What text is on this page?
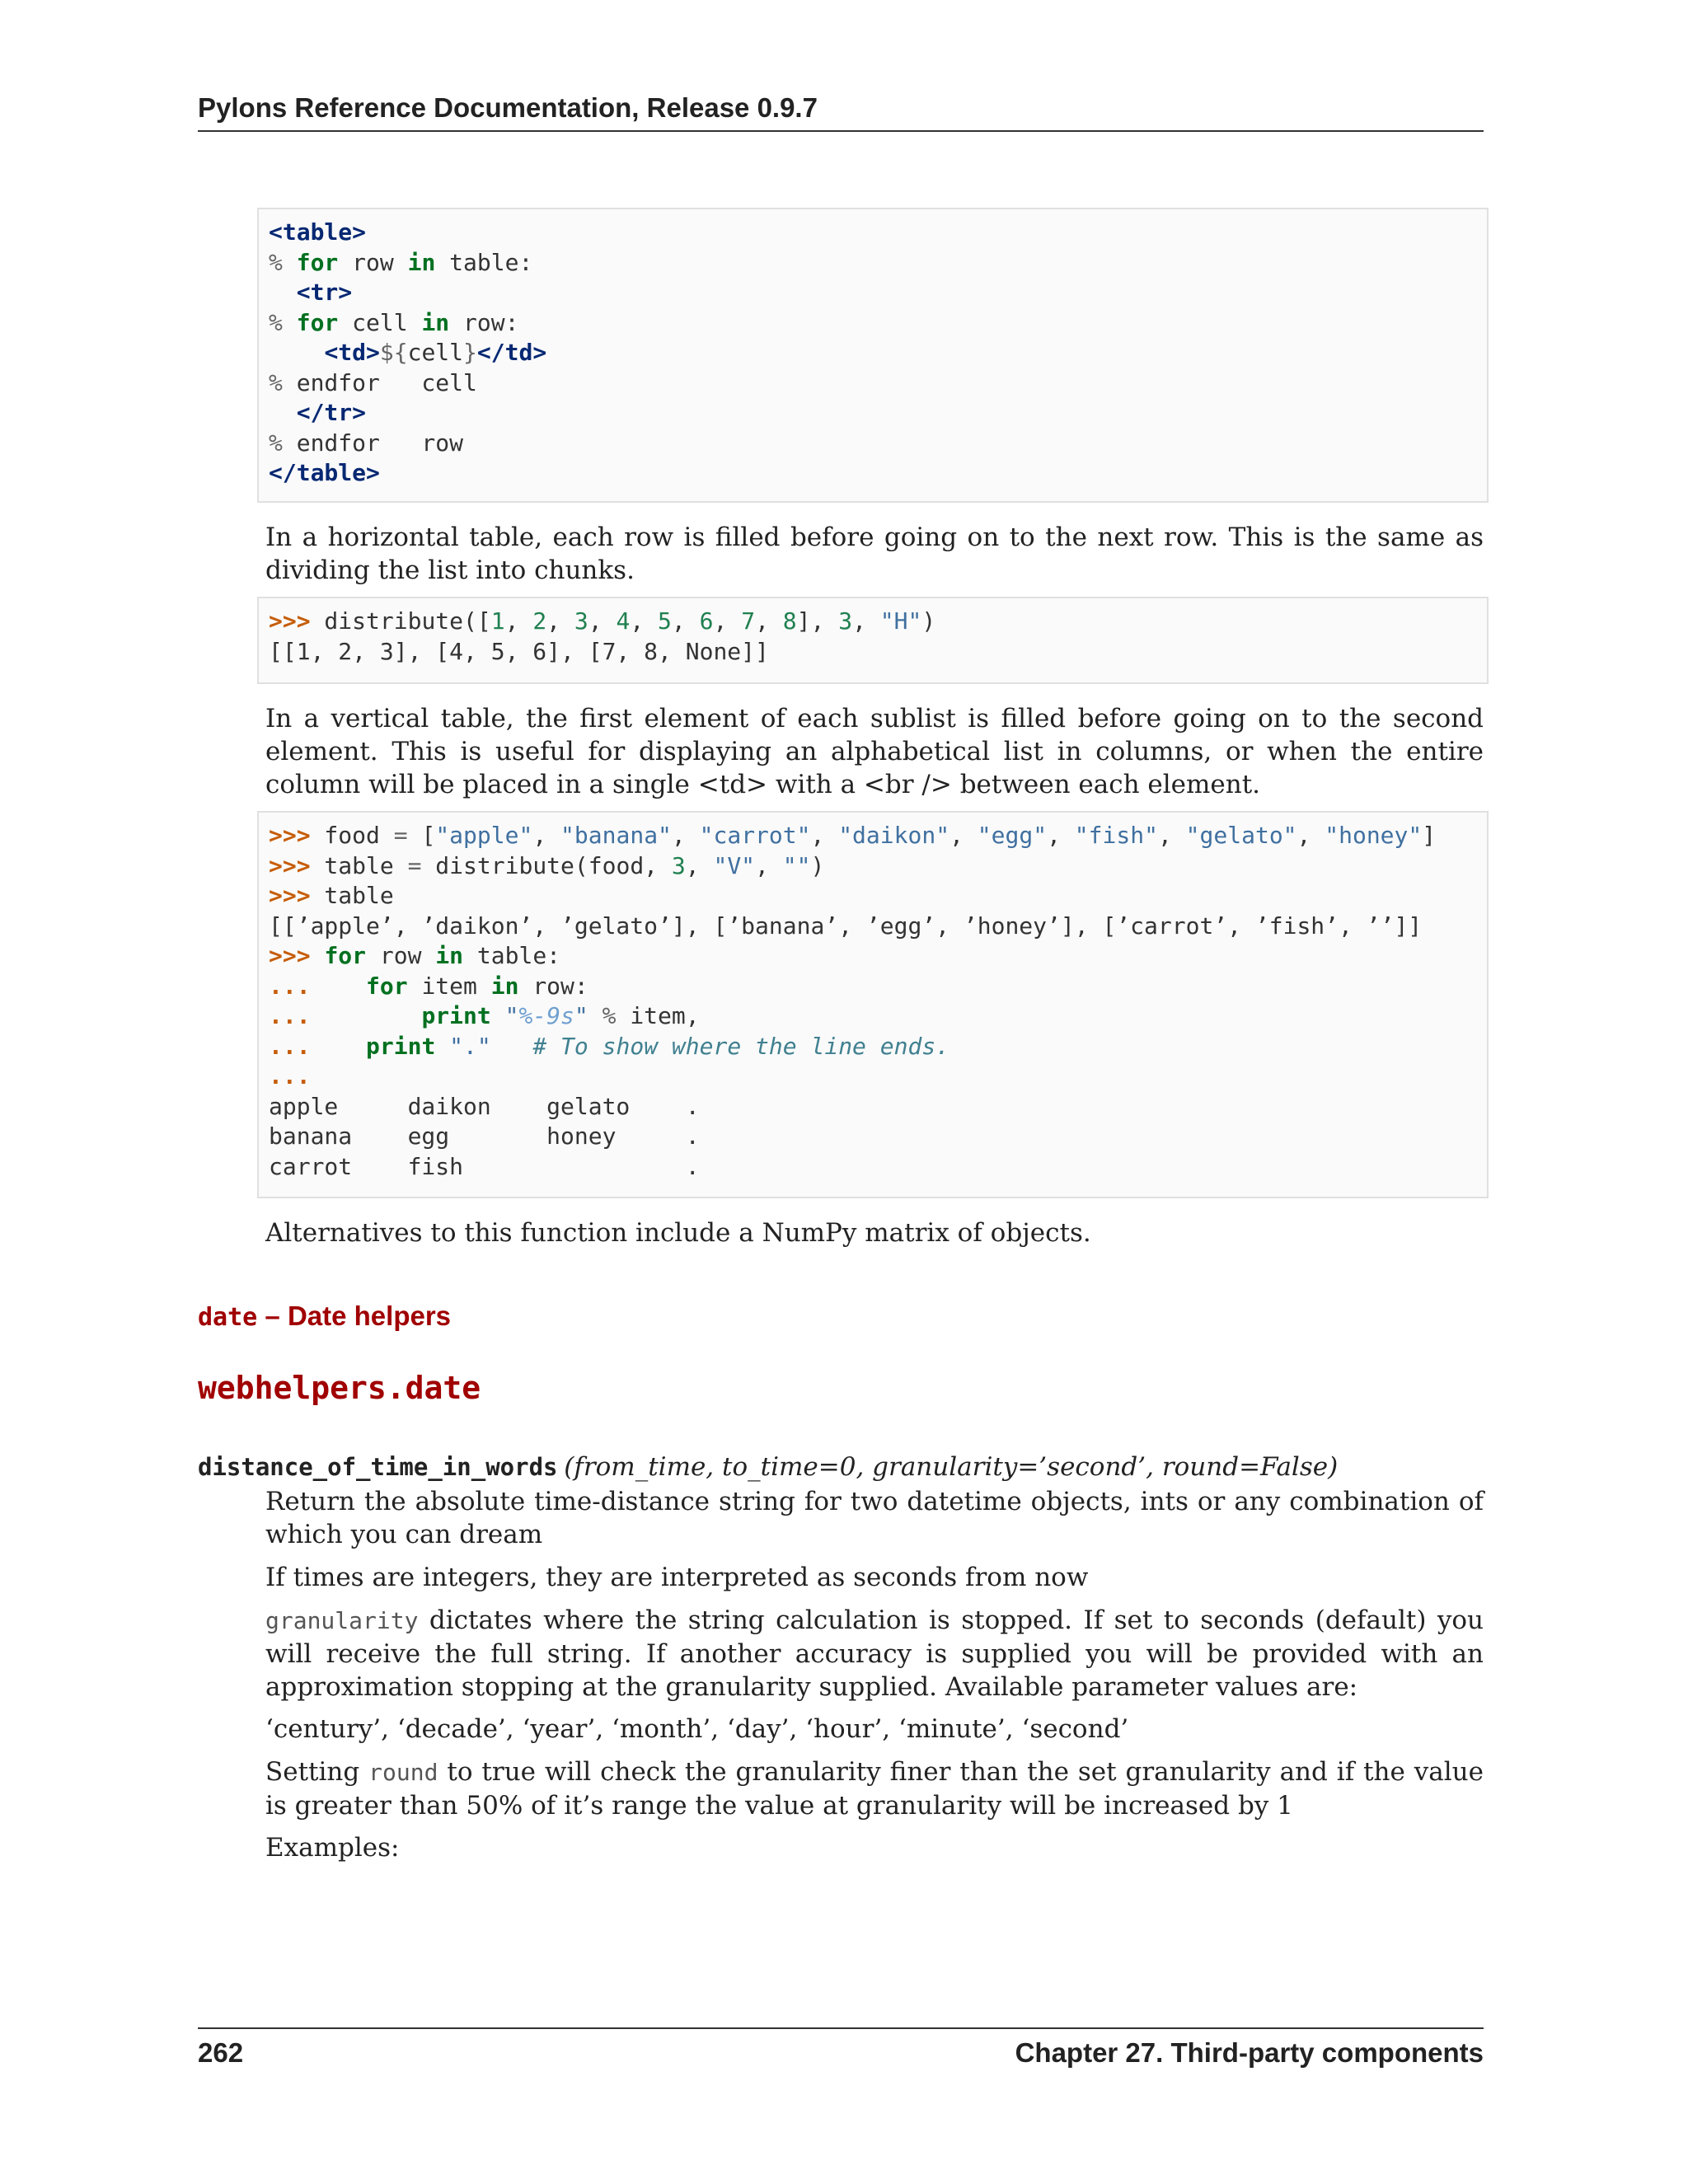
Pylons Reference Documentation, Release 0.9.7
<table>
% for row in table:
<tr>
% for cell in row:
<td>${cell}</td>
% endfor   cell
</tr>
% endfor   row
</table>
In a horizontal table, each row is filled before going on to the next row. This is the same as dividing the list into chunks.
>>> distribute([1, 2, 3, 4, 5, 6, 7, 8], 3, "H")
[[1, 2, 3], [4, 5, 6], [7, 8, None]]
In a vertical table, the first element of each sublist is filled before going on to the second element. This is useful for displaying an alphabetical list in columns, or when the entire column will be placed in a single <td> with a <br /> between each element.
>>> food = ["apple", "banana", "carrot", "daikon", "egg", "fish", "gelato", "honey"]
>>> table = distribute(food, 3, "V", "")
>>> table
[[’apple’, ’daikon’, ’gelato’], [’banana’, ’egg’, ’honey’], [’carrot’, ’fish’, ’’]]
>>> for row in table:
... for item in row:
...	print "%-9s" % item,
... print "." # To show where the line ends.
...
apple     daikon    gelato    .
banana    egg       honey     .
carrot    fish                .
Alternatives to this function include a NumPy matrix of objects.
date – Date helpers
webhelpers.date
distance_of_time_in_words (from_time, to_time=0, granularity=’second’, round=False)
Return the absolute time-distance string for two datetime objects, ints or any combination of which you can dream
If times are integers, they are interpreted as seconds from now
granularity dictates where the string calculation is stopped. If set to seconds (default) you will receive the full string. If another accuracy is supplied you will be provided with an approximation stopping at the granularity supplied. Available parameter values are:
‘century’, ‘decade’, ‘year’, ‘month’, ‘day’, ‘hour’, ‘minute’, ‘second’
Setting round to true will check the granularity finer than the set granularity and if the value is greater than 50% of it’s range the value at granularity will be increased by 1
Examples:
262	Chapter 27. Third-party components
